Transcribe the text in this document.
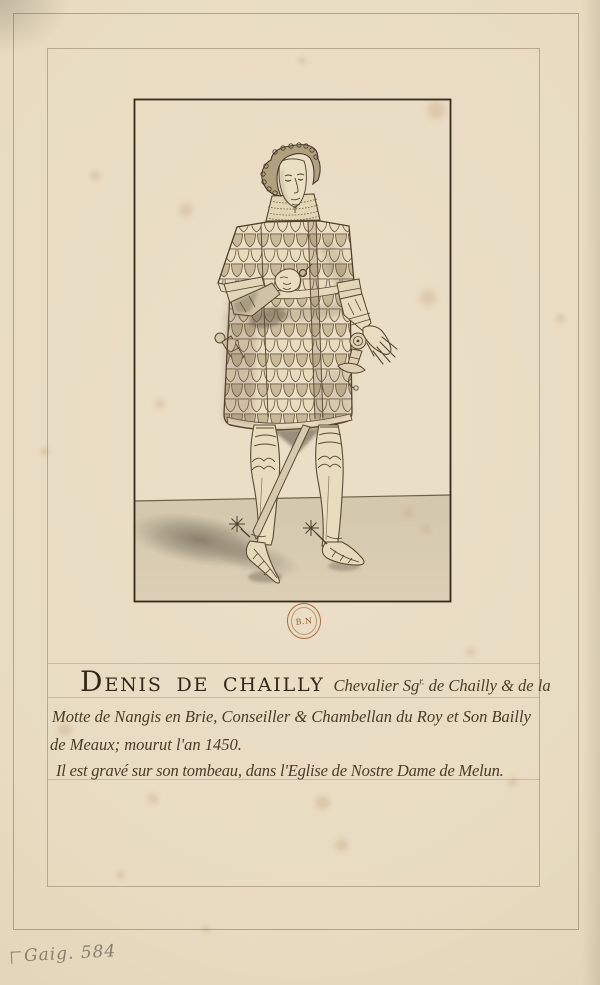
B.N
D ENIS DE CHAILLY Chevalier $Sg^{r.}$ de Chailly & de la
Motte de Nangis en Brie, Conseiller & Chambellan du Roy et Son Bailly
de Meaux; mourut l'an 1450.
Il est gravé sur son tombeau, dans l'Eglise de Nostre Dame de Melun.
Gaig. 584
